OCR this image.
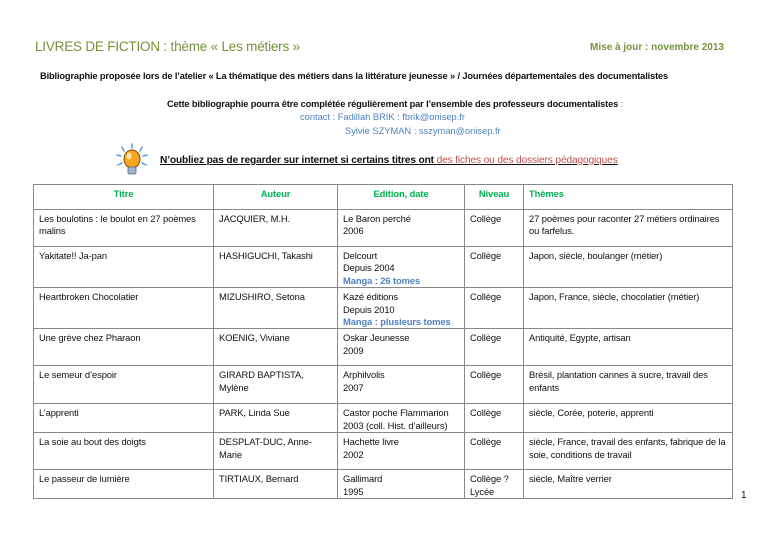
LIVRES DE FICTION : thème « Les métiers »	Mise à jour : novembre 2013
Bibliographie proposée lors de l’atelier « La thématique des métiers dans la littérature jeunesse » / Journées départementales des documentalistes
Cette bibliographie pourra être complétée régulièrement par l’ensemble des professeurs documentalistes :
contact : Fadillah BRIK : fbrik@onisep.fr
Sylvie SZYMAN : sszyman@onisep.fr
N’oubliez pas de regarder sur internet si certains titres ont des fiches ou des dossiers pédagogiques
Titre	Auteur	Edition, date	Niveau	Thèmes
Les boulotins : le boulot en 27 poèmes malins	JACQUIER, M.H.	Le Baron perché
2006	Collège	27 poèmes pour raconter 27 métiers ordinaires ou farfelus.
Yakitate!! Ja-pan	HASHIGUCHI, Takashi	Delcourt
Depuis 2004
Manga : 26 tomes	Collège	Japon, siècle, boulanger (métier)
Heartbroken Chocolatier	MIZUSHIRO, Setona	Kazé éditions
Depuis 2010
Manga : plusieurs tomes	Collège	Japon, France, siècle, chocolatier (métier)
Une grève chez Pharaon	KOENIG, Viviane	Oskar Jeunesse
2009	Collège	Antiquité, Egypte, artisan
Le semeur d’espoir	GIRARD BAPTISTA, Mylène	Arphilvolis
2007	Collège	Brésil, plantation cannes à sucre, travail des enfants
L’apprenti	PARK, Linda Sue	Castor poche Flammarion
2003 (coll. Hist. d’ailleurs)	Collège	siècle, Corée, poterie, apprenti
La soie au bout des doigts	DESPLAT-DUC, Anne-Marie	Hachette livre
2002	Collège	siècle, France, travail des enfants, fabrique de la soie, conditions de travail
Le passeur de lumière	TIRTIAUX, Bernard	Gallimard
1995	Collège ? Lycée	siècle, Maître verrier
1
